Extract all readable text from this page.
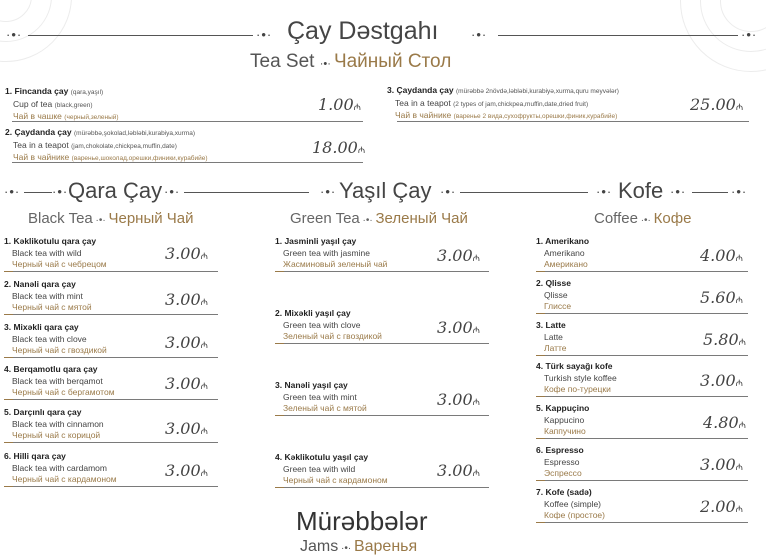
·•·	·•· Çay Dəstgahı	·•·	·•·
Tea Set ·•· Чайный Стол
1. Fincanda çay (qara,yaşıl)
Cup of tea (black,green)
Чай в чашке (черный,зеленый)
1.00₼
2. Çaydanda çay (mürəbbə,şokolad,ləbləbi,kurabiya,xurma)
Tea in a teapot (jam,chokolate,chickpea,muffin,date)
Чай в чайнике (варенье,шоколад,орешки,финики,курабийе)
18.00₼
3. Çaydanda çay (mürəbbə 2növdə,ləbləbi,kurabiyə,xurma,quru meyvələr)
Tea in a teapot (2 types of jam,chickpea,muffin,date,dried fruit)
Чай в чайнике (варенье 2 вида,сухофрукты,орешки,финик,курабийе)
25.00₼
·•· ·•· Qara Çay ·•·	·•· Yaşıl Çay ·•·	·•· Kofe ·•·	·•·
Black Tea ·•· Черный Чай	Green Tea ·•· Зеленый Чай	Coffee ·•· Кофе
1. Kəklikotulu qara çay
Black tea with wild
Черный чай с чебрецом
3.00₼
2. Nanəli qara çay
Black tea with mint
Черный чай с мятой	3.00₼
3. Mixəkli qara çay
Black tea with clove
Черный чай с гвоздикой	3.00₼
4. Berqamotlu qara çay
Black tea with berqamot
Черный чай с бергамотом	3.00₼
5. Darçınlı qara çay
Black tea with cinnamon
Черный чай с корицой	3.00₼
6. Hilli qara çay
Black tea with cardamom
Черный чай с кардамоном	3.00₼
1. Jasminli yaşıl çay
Green tea with jasmine
Жасминовый зеленый чай	3.00₼
2. Mixəkli yaşıl çay
Green tea with clove
Зеленый чай с гвоздикой	3.00₼
3. Nanəli yaşıl çay
Green tea with mint
Зеленый чай с мятой	3.00₼
4. Kəklikotulu yaşıl çay
Green tea with wild
Черный чай с кардамоном	3.00₼
1. Amerikano
Amerikano
Американо	4.00₼
2. Qlisse
Qlisse
Глиссе	5.60₼
3. Latte
Latte
Латте	5.80₼
4. Türk sayağı kofe
Turkish style koffee
Кофе по-турецки	3.00₼
5. Kappuçino
Kappucino
Каппучино	4.80₼
6. Espresso
Espresso
Эспрессо	3.00₼
7. Kofe (sadə)
Koffee (simple)
Кофе (простое)	2.00₼
Mürəbbələr
Jams ·•· Варенья
